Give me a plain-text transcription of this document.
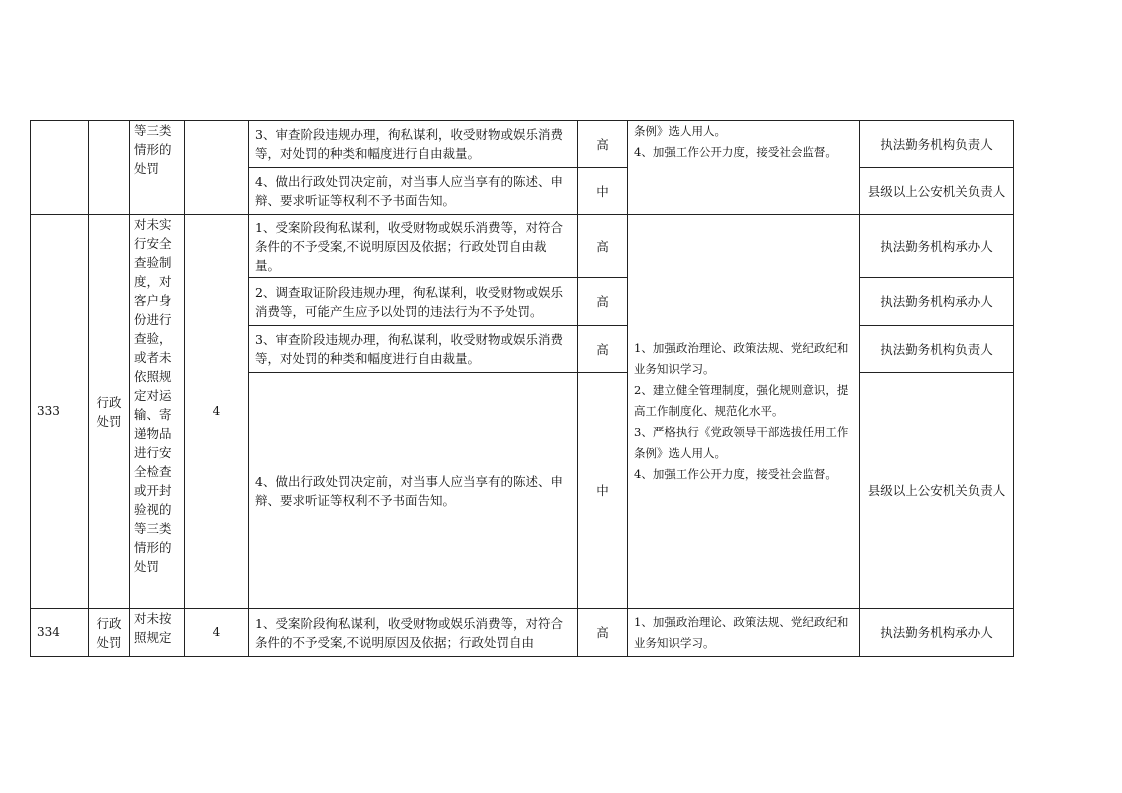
		等三类情形的处罚		3、审查阶段违规办理，徇私谋利，收受财物或娱乐消费等，对处罚的种类和幅度进行自由裁量。	高	条例》选人用人。
4、加强工作公开力度，接受社会监督。	执法勤务机构负责人
				4、做出行政处罚决定前，对当事人应当享有的陈述、申辩、要求听证等权利不予书面告知。	中		县级以上公安机关负责人
333	行政处罚	对未实行安全查验制度，对客户身份进行查验，或者未依照规定对运输、寄递物品进行安全检查或开封验视的等三类情形的处罚	4	1、受案阶段徇私谋利，收受财物或娱乐消费等，对符合条件的不予受案,不说明原因及依据；行政处罚自由裁量。	高	1、加强政治理论、政策法规、党纪政纪和业务知识学习。
2、建立健全管理制度，强化规则意识，提高工作制度化、规范化水平。
3、严格执行《党政领导干部选拔任用工作条例》选人用人。
4、加强工作公开力度，接受社会监督。	执法勤务机构承办人
				2、调查取证阶段违规办理，徇私谋利，收受财物或娱乐消费等，可能产生应予以处罚的违法行为不予处罚。	高		执法勤务机构承办人
				3、审查阶段违规办理，徇私谋利，收受财物或娱乐消费等，对处罚的种类和幅度进行自由裁量。	高		执法勤务机构负责人
				4、做出行政处罚决定前，对当事人应当享有的陈述、申辩、要求听证等权利不予书面告知。	中		县级以上公安机关负责人
334	行政处罚	对未按照规定	4	1、受案阶段徇私谋利，收受财物或娱乐消费等，对符合条件的不予受案,不说明原因及依据；行政处罚自由	高	1、加强政治理论、政策法规、党纪政纪和业务知识学习。	执法勤务机构承办人
